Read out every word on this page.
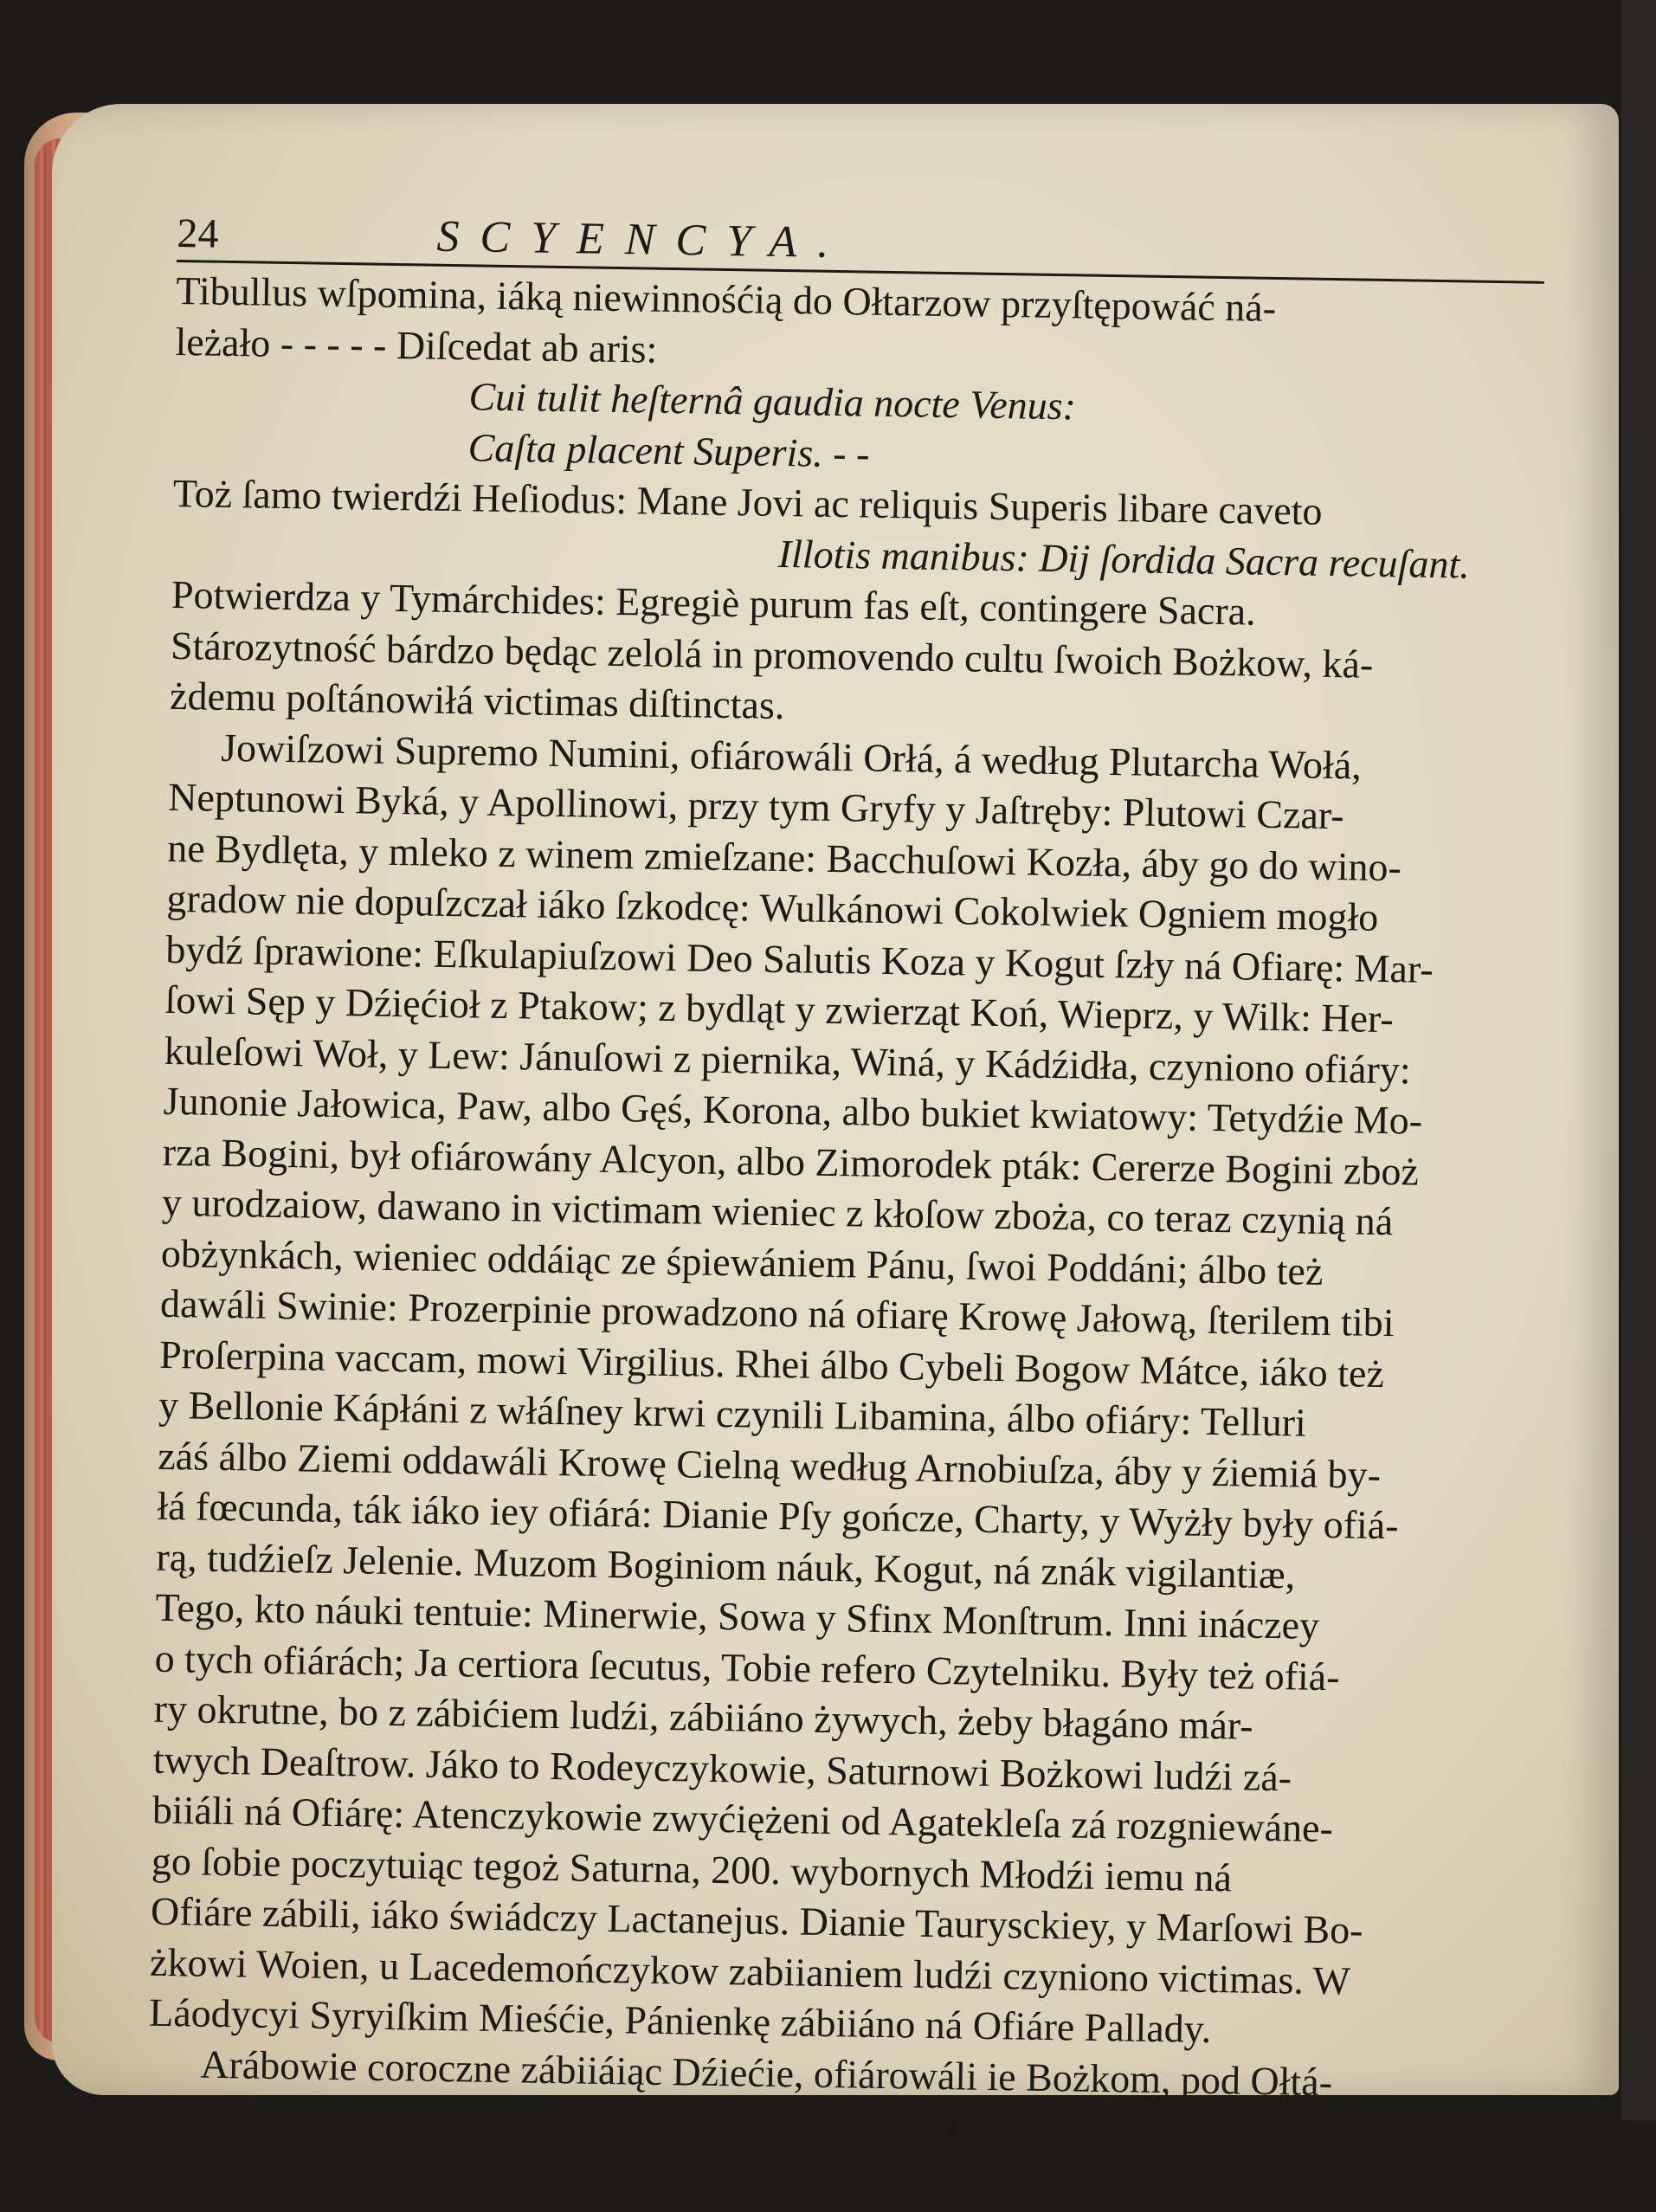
24	SCYENCYA.
Tibullus wſpomina, iáką niewinnośćią do Ołtarzow przyſtępowáć ná-
leżało - - - - - Diſcedat ab aris:
Cui tulit heſternâ gaudia nocte Venus:
Caſta placent Superis. - -
Toż ſamo twierdźi Heſiodus: Mane Jovi ac reliquis Superis libare caveto
Illotis manibus: Dij ſordida Sacra recuſant.
Potwierdza y Tymárchides: Egregiè purum fas eſt, contingere Sacra.
Stározytność bárdzo będąc zelolá in promovendo cultu ſwoich Bożkow, ká-
żdemu poſtánowiłá victimas diſtinctas.
Jowiſzowi Supremo Numini, ofiárowáli Orłá, á według Plutarcha Wołá,
Neptunowi Byká, y Apollinowi, przy tym Gryfy y Jaſtręby: Plutowi Czar-
ne Bydlęta, y mleko z winem zmieſzane: Bacchuſowi Kozła, áby go do wino-
gradow nie dopuſzczał iáko ſzkodcę: Wulkánowi Cokolwiek Ogniem mogło
bydź ſprawione: Eſkulapiuſzowi Deo Salutis Koza y Kogut ſzły ná Ofiarę: Mar-
ſowi Sęp y Dźięćioł z Ptakow; z bydląt y zwierząt Koń, Wieprz, y Wilk: Her-
kuleſowi Woł, y Lew: Jánuſowi z piernika, Winá, y Kádźidła, czyniono ofiáry:
Junonie Jałowica, Paw, albo Gęś, Korona, albo bukiet kwiatowy: Tetydźie Mo-
rza Bogini, był ofiárowány Alcyon, albo Zimorodek pták: Cererze Bogini zboż
y urodzaiow, dawano in victimam wieniec z kłoſow zboża, co teraz czynią ná
obżynkách, wieniec oddáiąc ze śpiewániem Pánu, ſwoi Poddáni; álbo też
dawáli Swinie: Prozerpinie prowadzono ná ofiarę Krowę Jałową, ſterilem tibi
Proſerpina vaccam, mowi Virgilius. Rhei álbo Cybeli Bogow Mátce, iáko też
y Bellonie Kápłáni z włáſney krwi czynili Libamina, álbo ofiáry: Telluri
záś álbo Ziemi oddawáli Krowę Cielną według Arnobiuſza, áby y źiemiá by-
łá fœcunda, ták iáko iey ofiárá: Dianie Pſy gończe, Charty, y Wyżły były ofiá-
rą, tudźieſz Jelenie. Muzom Boginiom náuk, Kogut, ná znák vigilantiæ,
Tego, kto náuki tentuie: Minerwie, Sowa y Sfinx Monſtrum. Inni ináczey
o tych ofiárách; Ja certiora ſecutus, Tobie refero Czytelniku. Były też ofiá-
ry okrutne, bo z zábićiem ludźi, zábiiáno żywych, żeby błagáno már-
twych Deaſtrow. Jáko to Rodeyczykowie, Saturnowi Bożkowi ludźi zá-
biiáli ná Ofiárę: Atenczykowie zwyćiężeni od Agatekleſa zá rozgniewáne-
go ſobie poczytuiąc tegoż Saturna, 200. wybornych Młodźi iemu ná
Ofiáre zábili, iáko świádczy Lactanejus. Dianie Taurysckiey, y Marſowi Bo-
żkowi Woien, u Lacedemończykow zabiianiem ludźi czyniono victimas. W
Láodycyi Syryiſkim Mieśćie, Pánienkę zábiiáno ná Ofiáre Pallady.
Arábowie coroczne zábiiáiąc Dźiećie, ofiárowáli ie Bożkom, pod Ołtá-
rzem grzebiąc. Aryſtomenes Miſſenius 200. ludźi trupem położył ná Ofiárę
Jowiſza. Teſte Raviſio, &c.	SWIĘ-
